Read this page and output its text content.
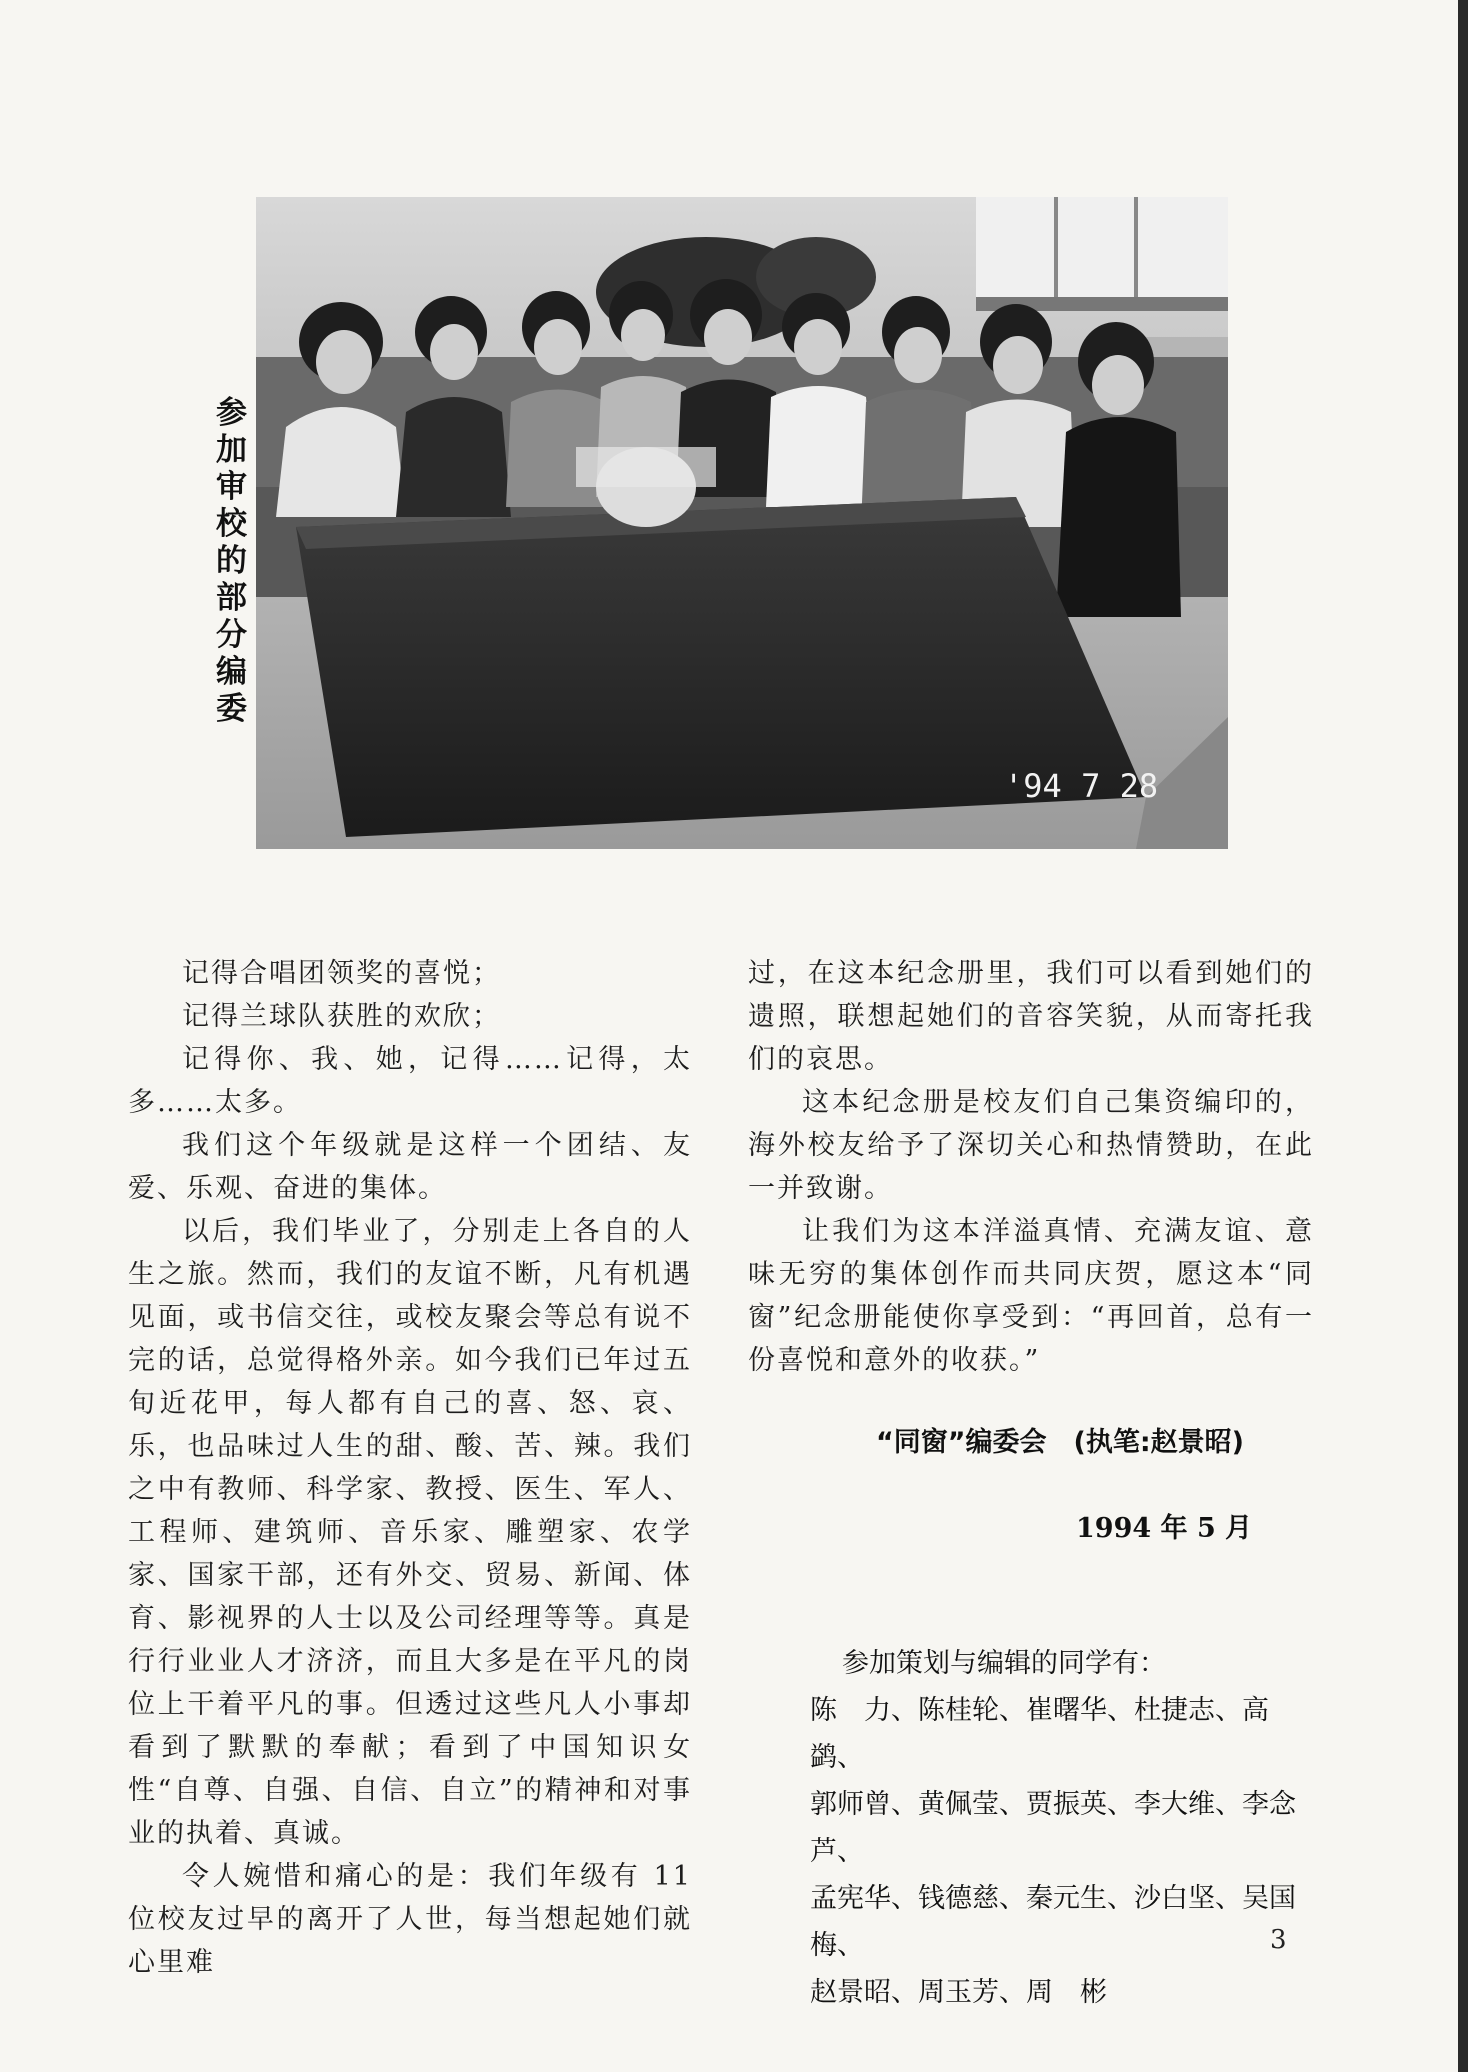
参加审校的部分编委
'94 7 28

记得合唱团领奖的喜悦；

记得兰球队获胜的欢欣；

记得你、我、她，记得……记得，太多……太多。

我们这个年级就是这样一个团结、友爱、乐观、奋进的集体。

以后，我们毕业了，分别走上各自的人生之旅。然而，我们的友谊不断，凡有机遇见面，或书信交往，或校友聚会等总有说不完的话，总觉得格外亲。如今我们已年过五旬近花甲，每人都有自己的喜、怒、哀、乐，也品味过人生的甜、酸、苦、辣。我们之中有教师、科学家、教授、医生、军人、工程师、建筑师、音乐家、雕塑家、农学家、国家干部，还有外交、贸易、新闻、体育、影视界的人士以及公司经理等等。真是行行业业人才济济，而且大多是在平凡的岗位上干着平凡的事。但透过这些凡人小事却看到了默默的奉献；看到了中国知识女性“自尊、自强、自信、自立”的精神和对事业的执着、真诚。

令人婉惜和痛心的是：我们年级有 11 位校友过早的离开了人世，每当想起她们就心里难

过，在这本纪念册里，我们可以看到她们的遗照，联想起她们的音容笑貌，从而寄托我们的哀思。

这本纪念册是校友们自己集资编印的，海外校友给予了深切关心和热情赞助，在此一并致谢。

让我们为这本洋溢真情、充满友谊、意味无穷的集体创作而共同庆贺，愿这本“同窗”纪念册能使你享受到：“再回首，总有一份喜悦和意外的收获。”

“同窗”编委会　(执笔:赵景昭)
1994 年 5 月
参加策划与编辑的同学有：
陈　力、陈桂轮、崔曙华、杜捷志、高　鹢、
郭师曾、黄佩莹、贾振英、李大维、李念芦、
孟宪华、钱德慈、秦元生、沙白坚、吴国梅、
赵景昭、周玉芳、周　彬
3
